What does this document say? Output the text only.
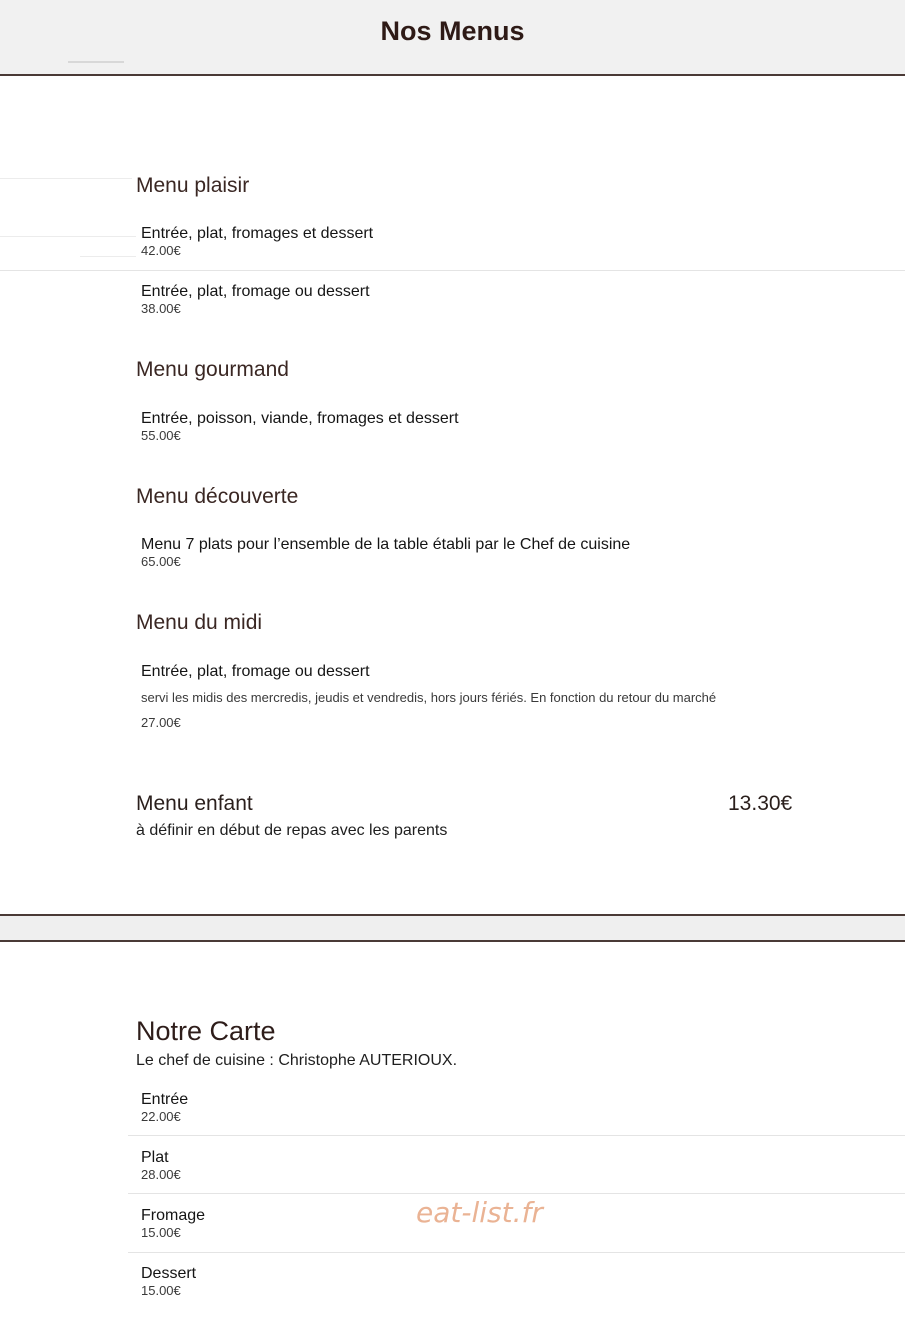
Nos Menus
Menu plaisir
Entrée, plat, fromages et dessert
42.00€
Entrée, plat, fromage ou dessert
38.00€
Menu gourmand
Entrée, poisson, viande, fromages et dessert
55.00€
Menu découverte
Menu 7 plats pour l’ensemble de la table établi par le Chef de cuisine
65.00€
Menu du midi
Entrée, plat, fromage ou dessert
servi les midis des mercredis, jeudis et vendredis, hors jours fériés. En fonction du retour du marché
27.00€
Menu enfant	13.30€
à définir en début de repas avec les parents
Notre Carte
Le chef de cuisine : Christophe AUTERIOUX.
Entrée
22.00€
Plat
28.00€
Fromage
15.00€
Dessert
15.00€
eat-list.fr
